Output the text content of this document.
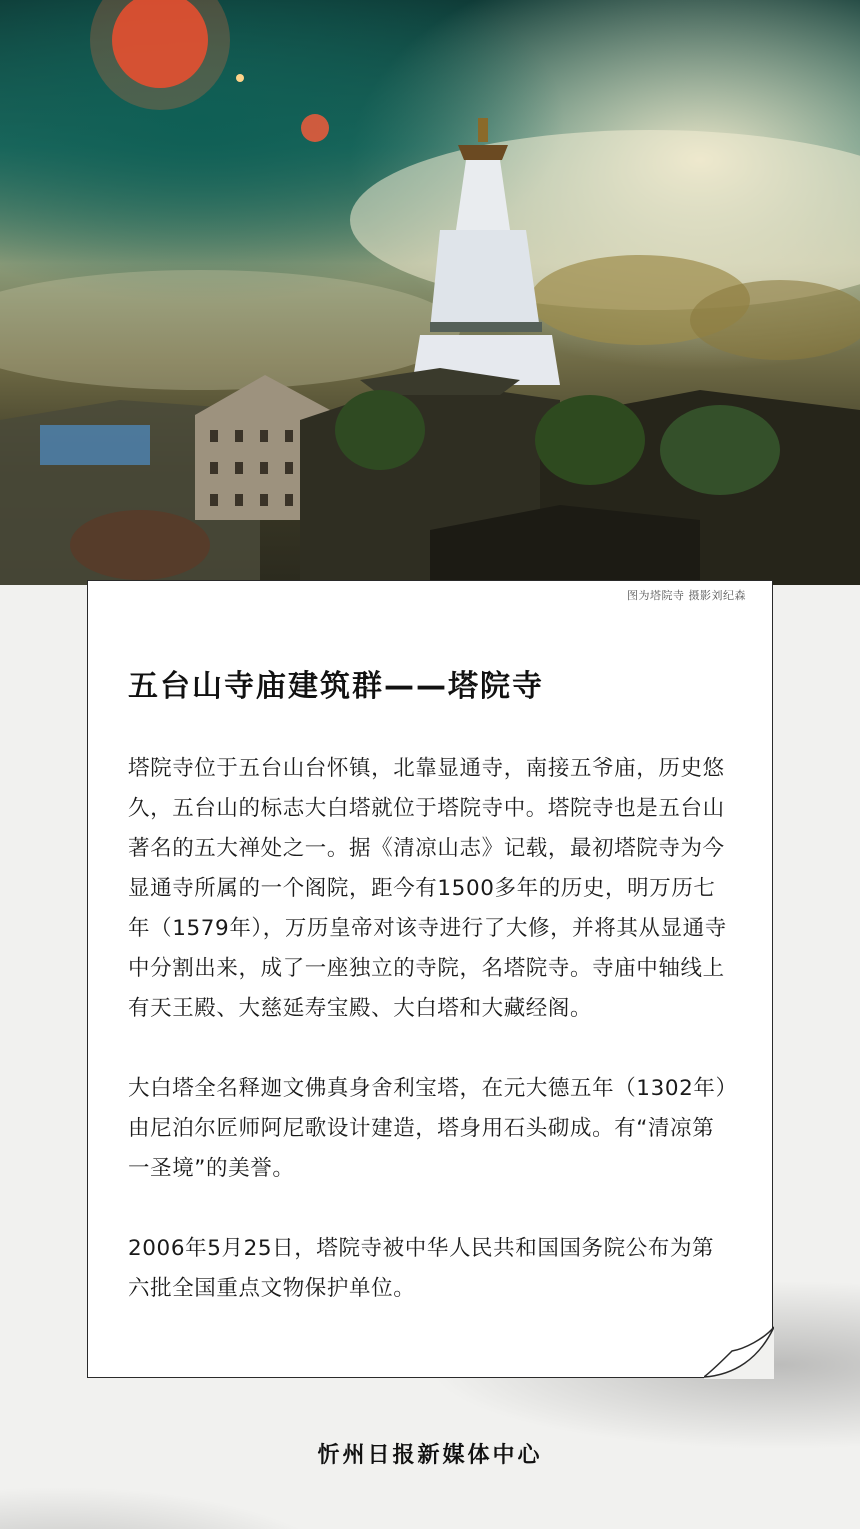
图为塔院寺 摄影刘纪森
五台山寺庙建筑群——塔院寺

塔院寺位于五台山台怀镇，北靠显通寺，南接五爷庙，历史悠久，五台山的标志大白塔就位于塔院寺中。塔院寺也是五台山著名的五大禅处之一。据《清凉山志》记载，最初塔院寺为今显通寺所属的一个阁院，距今有1500多年的历史，明万历七年（1579年），万历皇帝对该寺进行了大修，并将其从显通寺中分割出来，成了一座独立的寺院，名塔院寺。寺庙中轴线上有天王殿、大慈延寿宝殿、大白塔和大藏经阁。

大白塔全名释迦文佛真身舍利宝塔，在元大德五年（1302年）由尼泊尔匠师阿尼歌设计建造，塔身用石头砌成。有“清凉第一圣境”的美誉。

2006年5月25日，塔院寺被中华人民共和国国务院公布为第六批全国重点文物保护单位。

忻州日报新媒体中心
